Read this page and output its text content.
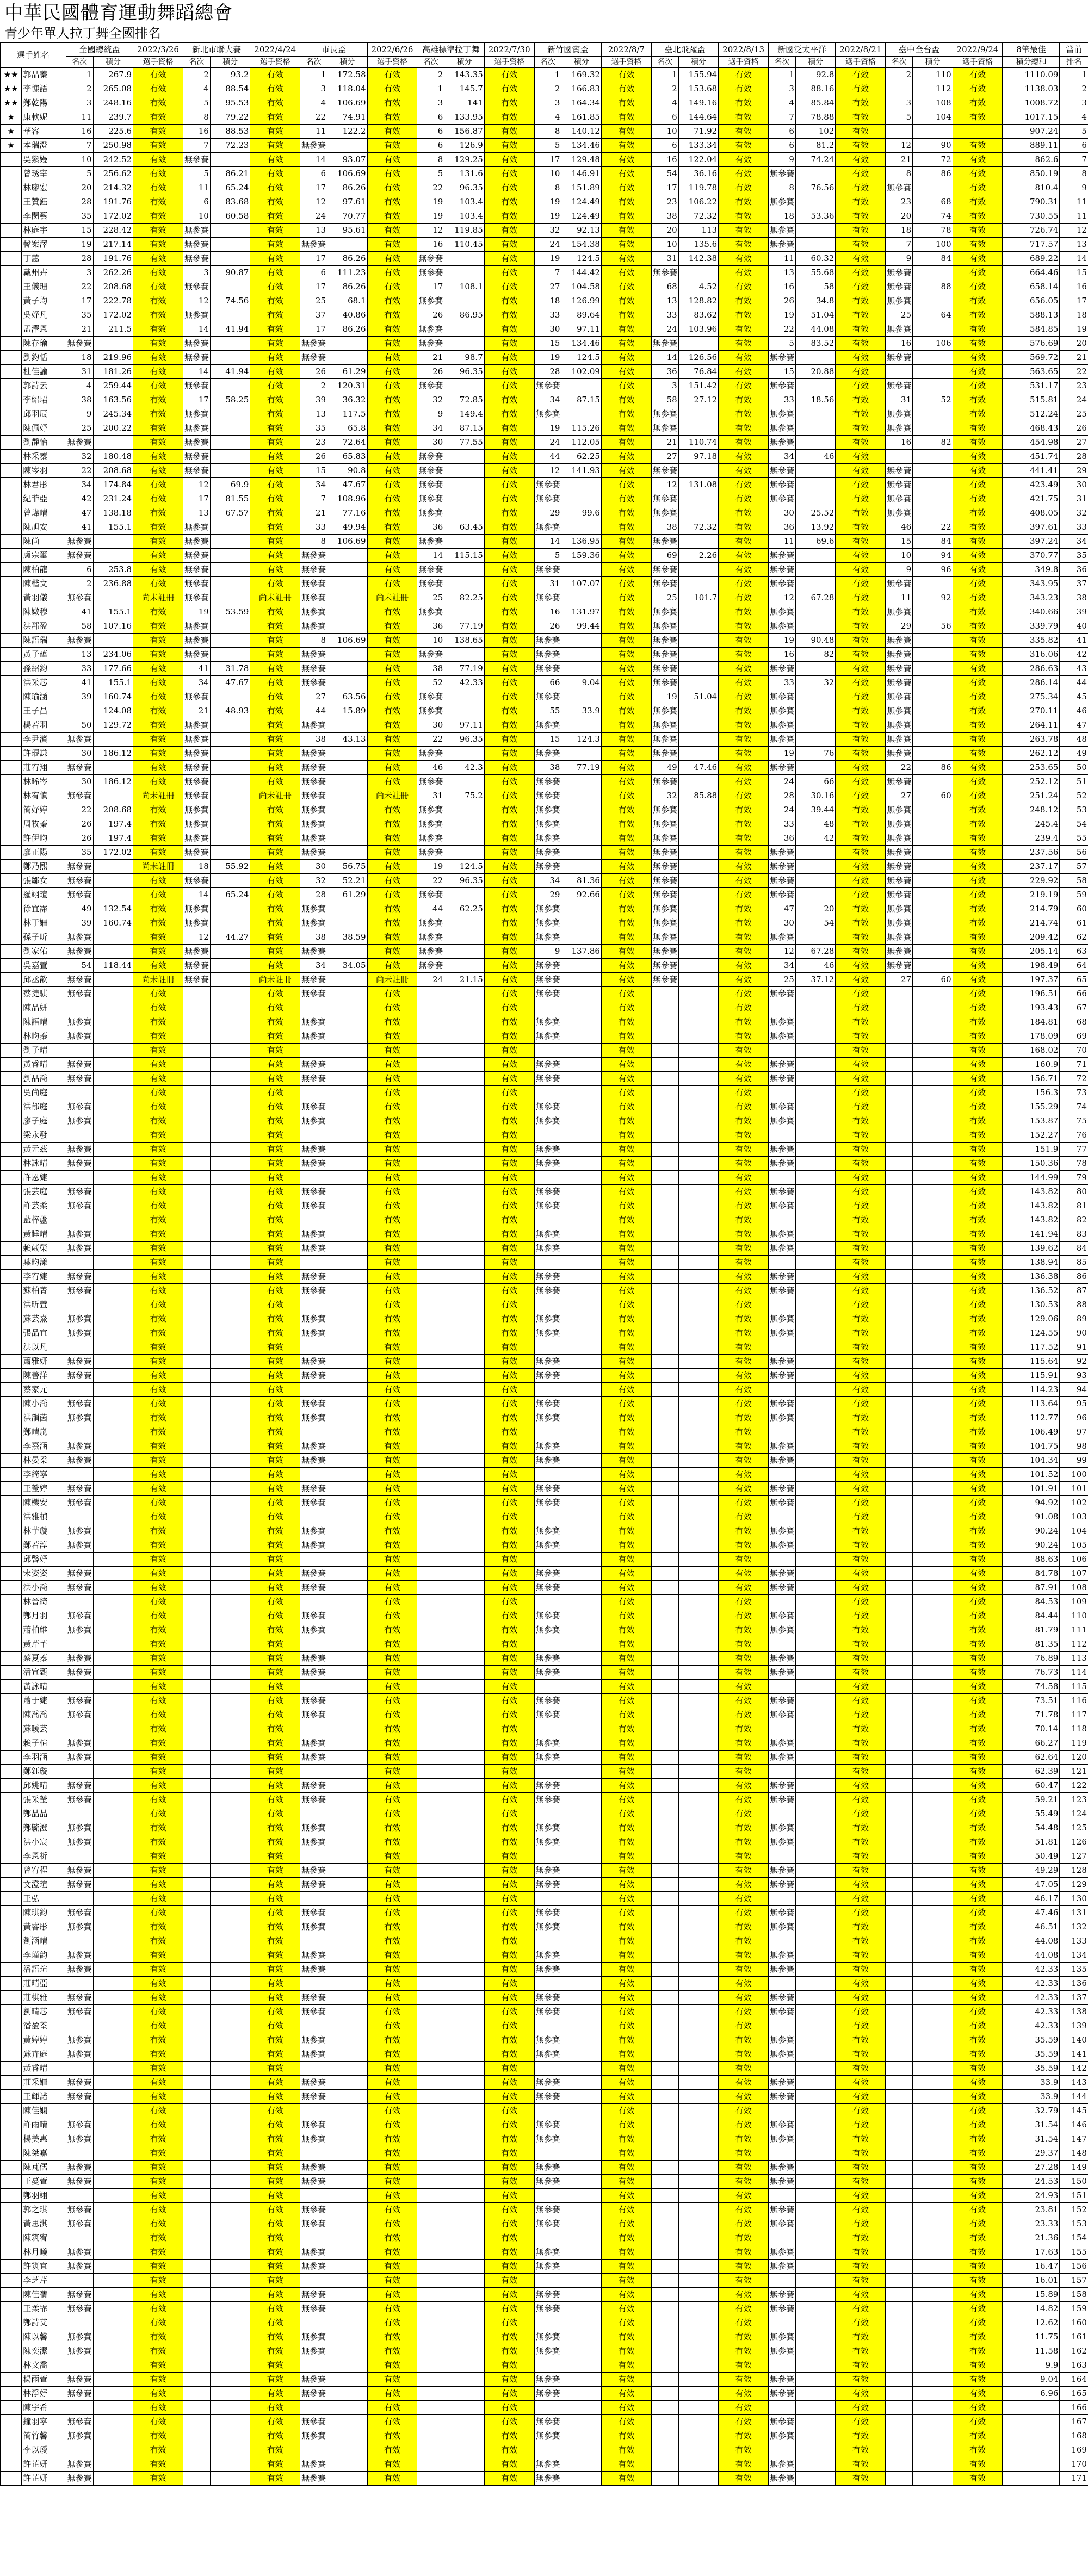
中華民國體育運動舞蹈總會
青少年單人拉丁舞全國排名
選手姓名		全國總統盃		2022/3/26	新北市聯大賽		2022/4/24	市長盃		2022/6/26	高雄標準拉丁舞		2022/7/30	新竹國賓盃		2022/8/7	臺北飛躍盃		2022/8/13	新國泛太平洋		2022/8/21	臺中全台盃		2022/9/24	8筆最佳	當前
		名次	積分	選手資格	名次	積分	選手資格	名次	積分	選手資格	名次	積分	選手資格	名次	積分	選手資格	名次	積分	選手資格	名次	積分	選手資格	名次	積分	選手資格	積分總和	排名
★★	郭品蓁	1	267.9	有效	2	93.2	有效	1	172.58	有效	2	143.35	有效	1	169.32	有效	1	155.94	有效	1	92.8	有效	2	110	有效	1110.09	1
★★	李慷語	2	265.08	有效	4	88.54	有效	3	118.04	有效	1	145.7	有效	2	166.83	有效	2	153.68	有效	3	88.16	有效		112	有效	1138.03	2
★★	鄭乾陽	3	248.16	有效	5	95.53	有效	4	106.69	有效	3	141	有效	3	164.34	有效	4	149.16	有效	4	85.84	有效	3	108	有效	1008.72	3
★	康軟妮	11	239.7	有效	8	79.22	有效	22	74.91	有效	6	133.95	有效	4	161.85	有效	6	144.64	有效	7	78.88	有效	5	104	有效	1017.15	4
★	華容	16	225.6	有效	16	88.53	有效	11	122.2	有效	6	156.87	有效	8	140.12	有效	10	71.92	有效	6	102	有效				907.24	5
★	本瑞澄	7	250.98	有效	7	72.23	有效	無參賽		有效	6	126.9	有效	5	134.46	有效	6	133.34	有效	6	81.2	有效	12	90	有效	889.11	6
	吳紫嫚	10	242.52	有效	無參賽		有效	14	93.07	有效	8	129.25	有效	17	129.48	有效	16	122.04	有效	9	74.24	有效	21	72	有效	862.6	7
	曾琇宰	5	256.62	有效	5	86.21	有效	6	106.69	有效	5	131.6	有效	10	146.91	有效	54	36.16	有效	無參賽		有效	8	86	有效	850.19	8
	林廖宏	20	214.32	有效	11	65.24	有效	17	86.26	有效	22	96.35	有效	8	151.89	有效	17	119.78	有效	8	76.56	有效	無參賽		有效	810.4	9
	王贊鈺	28	191.76	有效	6	83.68	有效	12	97.61	有效	19	103.4	有效	19	124.49	有效	23	106.22	有效	無參賽		有效	23	68	有效	790.31	11
	李閔藝	35	172.02	有效	10	60.58	有效	24	70.77	有效	19	103.4	有效	19	124.49	有效	38	72.32	有效	18	53.36	有效	20	74	有效	730.55	11
	林庭宇	15	228.42	有效	無參賽		有效	13	95.61	有效	12	119.85	有效	32	92.13	有效	20	113	有效	無參賽		有效	18	78	有效	726.74	12
	韓案澤	19	217.14	有效	無參賽		有效	無參賽		有效	16	110.45	有效	24	154.38	有效	10	135.6	有效	無參賽		有效	7	100	有效	717.57	13
	丁蕙	28	191.76	有效	無參賽		有效	17	86.26	有效	無參賽		有效	19	124.5	有效	31	142.38	有效	11	60.32	有效	9	84	有效	689.22	14
	戴州卉	3	262.26	有效	3	90.87	有效	6	111.23	有效	無參賽		有效	7	144.42	有效	無參賽		有效	13	55.68	有效	無參賽		有效	664.46	15
	王儀珊	22	208.68	有效	無參賽		有效	17	86.26	有效	17	108.1	有效	27	104.58	有效	68	4.52	有效	16	58	有效	無參賽	88	有效	658.14	16
	黃子均	17	222.78	有效	12	74.56	有效	25	68.1	有效	無參賽		有效	18	126.99	有效	13	128.82	有效	26	34.8	有效	無參賽		有效	656.05	17
	吳妤凡	35	172.02	有效	無參賽		有效	37	40.86	有效	26	86.95	有效	33	89.64	有效	33	83.62	有效	19	51.04	有效	25	64	有效	588.13	18
	孟澤恩	21	211.5	有效	14	41.94	有效	17	86.26	有效	無參賽		有效	30	97.11	有效	24	103.96	有效	22	44.08	有效	無參賽		有效	584.85	19
	陳存瑜	無參賽		有效	無參賽		有效	無參賽		有效	無參賽		有效	15	134.46	有效	無參賽		有效	5	83.52	有效	16	106	有效	576.69	20
	劉鈞恬	18	219.96	有效	無參賽		有效	無參賽		有效	21	98.7	有效	19	124.5	有效	14	126.56	有效	無參賽		有效	無參賽		有效	569.72	21
	杜佳諭	31	181.26	有效	14	41.94	有效	26	61.29	有效	26	96.35	有效	28	102.09	有效	36	76.84	有效	15	20.88	有效			有效	563.65	22
	郭詩云	4	259.44	有效	無參賽		有效	2	120.31	有效	無參賽		有效	無參賽		有效	3	151.42	有效	無參賽		有效	無參賽		有效	531.17	23
	李紹珺	38	163.56	有效	17	58.25	有效	39	36.32	有效	32	72.85	有效	34	87.15	有效	58	27.12	有效	33	18.56	有效	31	52	有效	515.81	24
	邱羽辰	9	245.34	有效	無參賽		有效	13	117.5	有效	9	149.4	有效	無參賽		有效	無參賽		有效	無參賽		有效	無參賽		有效	512.24	25
	陳佩妤	25	200.22	有效	無參賽		有效	35	65.8	有效	34	87.15	有效	19	115.26	有效	無參賽		有效	無參賽		有效	無參賽		有效	468.43	26
	劉靜怡	無參賽		有效	無參賽		有效	23	72.64	有效	30	77.55	有效	24	112.05	有效	21	110.74	有效	無參賽		有效	16	82	有效	454.98	27
	林采蓁	32	180.48	有效	無參賽		有效	26	65.83	有效	無參賽		有效	44	62.25	有效	27	97.18	有效	34	46	有效			有效	451.74	28
	陳岑羽	22	208.68	有效	無參賽		有效	15	90.8	有效	無參賽		有效	12	141.93	有效	無參賽		有效	無參賽		有效	無參賽		有效	441.41	29
	林君彤	34	174.84	有效	12	69.9	有效	34	47.67	有效	無參賽		有效	無參賽		有效	12	131.08	有效	無參賽		有效	無參賽		有效	423.49	30
	紀菲亞	42	231.24	有效	17	81.55	有效	7	108.96	有效	無參賽		有效	無參賽		有效	無參賽		有效	無參賽		有效	無參賽		有效	421.75	31
	曾瑋晴	47	138.18	有效	13	67.57	有效	21	77.16	有效	無參賽		有效	29	99.6	有效	無參賽		有效	30	25.52	有效	無參賽		有效	408.05	32
	陳旭安	41	155.1	有效	無參賽		有效	33	49.94	有效	36	63.45	有效	無參賽		有效	38	72.32	有效	36	13.92	有效	46	22	有效	397.61	33
	陳尚	無參賽		有效	無參賽		有效	8	106.69	有效	無參賽		有效	14	136.95	有效	無參賽		有效	11	69.6	有效	15	84	有效	397.24	34
	盧宗璽	無參賽		有效	無參賽		有效	無參賽		有效	14	115.15	有效	5	159.36	有效	69	2.26	有效	無參賽		有效	10	94	有效	370.77	35
	陳柏龍	6	253.8	有效	無參賽		有效	無參賽		有效	無參賽		有效	無參賽		有效	無參賽		有效	無參賽		有效	9	96	有效	349.8	36
	陳楷文	2	236.88	有效	無參賽		有效	無參賽		有效	無參賽		有效	31	107.07	有效	無參賽		有效	無參賽		有效	無參賽		有效	343.95	37
	黃羽儀	無參賽		尚未註冊	無參賽		尚未註冊	無參賽		尚未註冊	25	82.25	有效	無參賽		有效	25	101.7	有效	12	67.28	有效	11	92	有效	343.23	38
	陳媺穆	41	155.1	有效	19	53.59	有效	無參賽		有效	無參賽		有效	16	131.97	有效	無參賽		有效	無參賽		有效	無參賽		有效	340.66	39
	洪郡盈	58	107.16	有效	無參賽		有效	無參賽		有效	36	77.19	有效	26	99.44	有效	無參賽		有效	無參賽		有效	29	56	有效	339.79	40
	陳語瑞	無參賽		有效	無參賽		有效	8	106.69	有效	10	138.65	有效	無參賽		有效	無參賽		有效	19	90.48	有效	無參賽		有效	335.82	41
	黃子蘊	13	234.06	有效	無參賽		有效	無參賽		有效	無參賽		有效	無參賽		有效	無參賽		有效	16	82	有效	無參賽		有效	316.06	42
	孫紹鈞	33	177.66	有效	41	31.78	有效	無參賽		有效	38	77.19	有效	無參賽		有效	無參賽		有效	無參賽		有效	無參賽		有效	286.63	43
	洪采芯	41	155.1	有效	34	47.67	有效	無參賽		有效	52	42.33	有效	66	9.04	有效	無參賽		有效	33	32	有效	無參賽		有效	286.14	44
	陳瑜涵	39	160.74	有效	無參賽		有效	27	63.56	有效	無參賽		有效	無參賽		有效	19	51.04	有效	無參賽		有效	無參賽		有效	275.34	45
	王子昌		124.08	有效	21	48.93	有效	44	15.89	有效	無參賽		有效	55	33.9	有效	無參賽		有效	無參賽		有效	無參賽		有效	270.11	46
	楊若羽	50	129.72	有效	無參賽		有效	無參賽		有效	30	97.11	有效	無參賽		有效	無參賽		有效	無參賽		有效	無參賽		有效	264.11	47
	李尹濱	無參賽		有效	無參賽		有效	38	43.13	有效	22	96.35	有效	15	124.3	有效	無參賽		有效	無參賽		有效	無參賽		有效	263.78	48
	許琨謙	30	186.12	有效	無參賽		有效	無參賽		有效	無參賽		有效	無參賽		有效	無參賽		有效	19	76	有效	無參賽		有效	262.12	49
	莊宥翔	無參賽		有效	無參賽		有效	無參賽		有效	46	42.3	有效	38	77.19	有效	49	47.46	有效	無參賽		有效	22	86	有效	253.65	50
	林晞岑	30	186.12	有效	無參賽		有效	無參賽		有效	無參賽		有效	無參賽		有效	無參賽		有效	24	66	有效	無參賽		有效	252.12	51
	林宥慎	無參賽		尚未註冊	無參賽		尚未註冊	無參賽		尚未註冊	31	75.2	有效	無參賽		有效	32	85.88	有效	28	30.16	有效	27	60	有效	251.24	52
	簡妤婷	22	208.68	有效	無參賽		有效	無參賽		有效	無參賽		有效	無參賽		有效	無參賽		有效	24	39.44	有效	無參賽		有效	248.12	53
	周牧蓁	26	197.4	有效	無參賽		有效	無參賽		有效	無參賽		有效	無參賽		有效	無參賽		有效	33	48	有效	無參賽		有效	245.4	54
	許伊昀	26	197.4	有效	無參賽		有效	無參賽		有效	無參賽		有效	無參賽		有效	無參賽		有效	36	42	有效	無參賽		有效	239.4	55
	廖正陽	35	172.02	有效	無參賽		有效	無參賽		有效	無參賽		有效	無參賽		有效	無參賽		有效	無參賽		有效	無參賽		有效	237.56	56
	鄭乃熙	無參賽		尚未註冊	18	55.92	有效	30	56.75	有效	19	124.5	有效	無參賽		有效	無參賽		有效	無參賽		有效	無參賽		有效	237.17	57
	張鄒女	無參賽		有效	無參賽		有效	32	52.21	有效	22	96.35	有效	34	81.36	有效	無參賽		有效	無參賽		有效	無參賽		有效	229.92	58
	羅翊瑄	無參賽		有效	14	65.24	有效	28	61.29	有效	無參賽		有效	29	92.66	有效	無參賽		有效	無參賽		有效	無參賽		有效	219.19	59
	徐宜霈	49	132.54	有效	無參賽		有效	無參賽		有效	44	62.25	有效	無參賽		有效	無參賽		有效	47	20	有效	無參賽		有效	214.79	60
	林于姍	39	160.74	有效	無參賽		有效	無參賽		有效	無參賽		有效	無參賽		有效	無參賽		有效	30	54	有效	無參賽		有效	214.74	61
	孫子昕	無參賽		有效	12	44.27	有效	38	38.59	有效	無參賽		有效	無參賽		有效	無參賽		有效	無參賽		有效	無參賽		有效	209.42	62
	劉家佑	無參賽		有效	無參賽		有效	無參賽		有效	無參賽		有效	9	137.86	有效	無參賽		有效	12	67.28	有效	無參賽		有效	205.14	63
	吳嘉萱	54	118.44	有效	無參賽		有效	34	34.05	有效	無參賽		有效	無參賽		有效	無參賽		有效	34	46	有效	無參賽		有效	198.49	64
	邱丞歆	無參賽		尚未註冊	無參賽		尚未註冊	無參賽		尚未註冊	24	21.15	有效	無參賽		有效	無參賽		有效	25	37.12	有效	27	60	有效	197.37	65
	蔡捷騏	無參賽		有效			有效	無參賽		有效			有效	無參賽		有效			有效	無參賽		有效			有效	196.51	66
	陳品妍			有效			有效			有效			有效			有效			有效			有效			有效	193.43	67
	陳語晴	無參賽		有效			有效	無參賽		有效			有效	無參賽		有效			有效	無參賽		有效			有效	184.81	68
	林昀蓁	無參賽		有效			有效	無參賽		有效			有效	無參賽		有效			有效	無參賽		有效			有效	178.09	69
	劉子晴			有效			有效			有效			有效			有效			有效			有效			有效	168.02	70
	黃睿晴	無參賽		有效			有效	無參賽		有效			有效	無參賽		有效			有效	無參賽		有效			有效	160.9	71
	劉品喬	無參賽		有效			有效	無參賽		有效			有效	無參賽		有效			有效	無參賽		有效			有效	156.71	72
	吳尚庭			有效			有效			有效			有效			有效			有效			有效			有效	156.3	73
	洪郁庭	無參賽		有效			有效	無參賽		有效			有效	無參賽		有效			有效	無參賽		有效			有效	155.29	74
	廖子庭	無參賽		有效			有效	無參賽		有效			有效	無參賽		有效			有效	無參賽		有效			有效	153.87	75
	梁永發			有效			有效			有效			有效			有效			有效			有效			有效	152.27	76
	黃元茲	無參賽		有效			有效	無參賽		有效			有效	無參賽		有效			有效	無參賽		有效			有效	151.9	77
	林詠晴	無參賽		有效			有效	無參賽		有效			有效	無參賽		有效			有效	無參賽		有效			有效	150.36	78
	許恩婕			有效			有效			有效			有效			有效			有效			有效			有效	144.99	79
	張芸庭	無參賽		有效			有效	無參賽		有效			有效	無參賽		有效			有效	無參賽		有效			有效	143.82	80
	許芸柔	無參賽		有效			有效	無參賽		有效			有效	無參賽		有效			有效	無參賽		有效			有效	143.82	81
	藍梓蘆			有效			有效			有效			有效			有效			有效			有效			有效	143.82	82
	黃睡晴	無參賽		有效			有效	無參賽		有效			有效	無參賽		有效			有效	無參賽		有效			有效	141.94	83
	賴葳榮	無參賽		有效			有效	無參賽		有效			有效	無參賽		有效			有效	無參賽		有效			有效	139.62	84
	葉昀漾			有效			有效			有效			有效			有效			有效			有效			有效	138.94	85
	李宥婕	無參賽		有效			有效	無參賽		有效			有效	無參賽		有效			有效	無參賽		有效			有效	136.38	86
	蘇柏菁	無參賽		有效			有效	無參賽		有效			有效	無參賽		有效			有效	無參賽		有效			有效	136.52	87
	洪昕萱			有效			有效			有效			有效			有效			有效			有效			有效	130.53	88
	蘇芸熹	無參賽		有效			有效	無參賽		有效			有效	無參賽		有效			有效	無參賽		有效			有效	129.06	89
	張品宜	無參賽		有效			有效	無參賽		有效			有效	無參賽		有效			有效	無參賽		有效			有效	124.55	90
	洪以凡			有效			有效			有效			有效			有效			有效			有效			有效	117.52	91
	蕭雅妍	無參賽		有效			有效	無參賽		有效			有效	無參賽		有效			有效	無參賽		有效			有效	115.64	92
	陳善洋	無參賽		有效			有效	無參賽		有效			有效	無參賽		有效			有效	無參賽		有效			有效	115.91	93
	蔡家元			有效			有效			有效			有效			有效			有效			有效			有效	114.23	94
	陳小喬	無參賽		有效			有效	無參賽		有效			有效	無參賽		有效			有效	無參賽		有效			有效	113.64	95
	洪韻茵	無參賽		有效			有效	無參賽		有效			有效	無參賽		有效			有效	無參賽		有效			有效	112.77	96
	鄭晴嵐			有效			有效			有效			有效			有效			有效			有效			有效	106.49	97
	李熹涵	無參賽		有效			有效	無參賽		有效			有效	無參賽		有效			有效	無參賽		有效			有效	104.75	98
	林晏柔	無參賽		有效			有效	無參賽		有效			有效	無參賽		有效			有效	無參賽		有效			有效	104.34	99
	李綺寧			有效			有效			有效			有效			有效			有效			有效			有效	101.52	100
	王瑩婷	無參賽		有效			有效	無參賽		有效			有效	無參賽		有效			有效	無參賽		有效			有效	101.91	101
	陳櫟安	無參賽		有效			有效	無參賽		有效			有效	無參賽		有效			有效	無參賽		有效			有效	94.92	102
	洪雅楨			有效			有效			有效			有效			有效			有效			有效			有效	91.08	103
	林芋璇	無參賽		有效			有效	無參賽		有效			有效	無參賽		有效			有效	無參賽		有效			有效	90.24	104
	鄭若淳	無參賽		有效			有效	無參賽		有效			有效	無參賽		有效			有效	無參賽		有效			有效	90.24	105
	邱馨妤			有效			有效			有效			有效			有效			有效			有效			有效	88.63	106
	宋姿姿	無參賽		有效			有效	無參賽		有效			有效	無參賽		有效			有效	無參賽		有效			有效	84.78	107
	洪小喬	無參賽		有效			有效	無參賽		有效			有效	無參賽		有效			有效	無參賽		有效			有效	87.91	108
	林晉綺			有效			有效			有效			有效			有效			有效			有效			有效	84.53	109
	鄭月羽	無參賽		有效			有效	無參賽		有效			有效	無參賽		有效			有效	無參賽		有效			有效	84.44	110
	蕭柏維	無參賽		有效			有效	無參賽		有效			有效	無參賽		有效			有效	無參賽		有效			有效	81.79	111
	黃芹芊			有效			有效			有效			有效			有效			有效			有效			有效	81.35	112
	蔡夏蓁	無參賽		有效			有效	無參賽		有效			有效	無參賽		有效			有效	無參賽		有效			有效	76.89	113
	潘宣甄	無參賽		有效			有效	無參賽		有效			有效	無參賽		有效			有效	無參賽		有效			有效	76.73	114
	黃詠晴			有效			有效			有效			有效			有效			有效			有效			有效	74.58	115
	蕭于婕	無參賽		有效			有效	無參賽		有效			有效	無參賽		有效			有效	無參賽		有效			有效	73.51	116
	陳喬喬	無參賽		有效			有效	無參賽		有效			有效	無參賽		有效			有效	無參賽		有效			有效	71.78	117
	蘇暖芸			有效			有效			有效			有效			有效			有效			有效			有效	70.14	118
	賴子楦	無參賽		有效			有效	無參賽		有效			有效	無參賽		有效			有效	無參賽		有效			有效	66.27	119
	李羽涵	無參賽		有效			有效	無參賽		有效			有效	無參賽		有效			有效	無參賽		有效			有效	62.64	120
	鄭鈺璇			有效			有效			有效			有效			有效			有效			有效			有效	62.39	121
	邱姚晴	無參賽		有效			有效	無參賽		有效			有效	無參賽		有效			有效	無參賽		有效			有效	60.47	122
	張采瑩	無參賽		有效			有效	無參賽		有效			有效	無參賽		有效			有效	無參賽		有效			有效	59.21	123
	鄭晶晶			有效			有效			有效			有效			有效			有效			有效			有效	55.49	124
	鄭毓澄	無參賽		有效			有效	無參賽		有效			有效	無參賽		有效			有效	無參賽		有效			有效	54.48	125
	洪小宸	無參賽		有效			有效	無參賽		有效			有效	無參賽		有效			有效	無參賽		有效			有效	51.81	126
	李恩祈			有效			有效			有效			有效			有效			有效			有效			有效	50.49	127
	曾宥程	無參賽		有效			有效	無參賽		有效			有效	無參賽		有效			有效	無參賽		有效			有效	49.29	128
	文澄瑄	無參賽		有效			有效	無參賽		有效			有效	無參賽		有效			有效	無參賽		有效			有效	47.05	129
	王弘			有效			有效			有效			有效			有效			有效			有效			有效	46.17	130
	陳琪鈞	無參賽		有效			有效	無參賽		有效			有效	無參賽		有效			有效	無參賽		有效			有效	47.46	131
	黃睿彤	無參賽		有效			有效	無參賽		有效			有效	無參賽		有效			有效	無參賽		有效			有效	46.51	132
	劉涵晴			有效			有效			有效			有效			有效			有效			有效			有效	44.08	133
	李瑾韵	無參賽		有效			有效	無參賽		有效			有效	無參賽		有效			有效	無參賽		有效			有效	44.08	134
	潘語瑄	無參賽		有效			有效	無參賽		有效			有效	無參賽		有效			有效	無參賽		有效			有效	42.33	135
	莊晴亞			有效			有效			有效			有效			有效			有效			有效			有效	42.33	136
	莊棋雅	無參賽		有效			有效	無參賽		有效			有效	無參賽		有效			有效	無參賽		有效			有效	42.33	137
	劉晴芯	無參賽		有效			有效	無參賽		有效			有效	無參賽		有效			有效	無參賽		有效			有效	42.33	138
	潘盈荃			有效			有效			有效			有效			有效			有效			有效			有效	42.33	139
	黃婷婷	無參賽		有效			有效	無參賽		有效			有效	無參賽		有效			有效	無參賽		有效			有效	35.59	140
	蘇卉庭	無參賽		有效			有效	無參賽		有效			有效	無參賽		有效			有效	無參賽		有效			有效	35.59	141
	黃睿晴			有效			有效			有效			有效			有效			有效			有效			有效	35.59	142
	莊采姍	無參賽		有效			有效	無參賽		有效			有效	無參賽		有效			有效	無參賽		有效			有效	33.9	143
	王輝諾	無參賽		有效			有效	無參賽		有效			有效	無參賽		有效			有效	無參賽		有效			有效	33.9	144
	陳佳嫻			有效			有效			有效			有效			有效			有效			有效			有效	32.79	145
	許雨晴	無參賽		有效			有效	無參賽		有效			有效	無參賽		有效			有效	無參賽		有效			有效	31.54	146
	楊美惠	無參賽		有效			有效	無參賽		有效			有效	無參賽		有效			有效	無參賽		有效			有效	31.54	147
	陳桀嘉			有效			有效			有效			有效			有效			有效			有效			有效	29.37	148
	陳芃儒	無參賽		有效			有效	無參賽		有效			有效	無參賽		有效			有效	無參賽		有效			有效	27.28	149
	王蔓萱	無參賽		有效			有效	無參賽		有效			有效	無參賽		有效			有效	無參賽		有效			有效	24.53	150
	鄭羽翊			有效			有效			有效			有效			有效			有效			有效			有效	24.93	151
	郭之琪	無參賽		有效			有效	無參賽		有效			有效	無參賽		有效			有效	無參賽		有效			有效	23.81	152
	黃思淇	無參賽		有效			有效	無參賽		有效			有效	無參賽		有效			有效	無參賽		有效			有效	23.33	153
	陳筑宥			有效			有效			有效			有效			有效			有效			有效			有效	21.36	154
	林月曦	無參賽		有效			有效	無參賽		有效			有效	無參賽		有效			有效	無參賽		有效			有效	17.63	155
	許筑宜	無參賽		有效			有效	無參賽		有效			有效	無參賽		有效			有效	無參賽		有效			有效	16.47	156
	李芝芹			有效			有效			有效			有效			有效			有效			有效			有效	16.01	157
	陳佳蒨	無參賽		有效			有效	無參賽		有效			有效	無參賽		有效			有效	無參賽		有效			有效	15.89	158
	王柔霏	無參賽		有效			有效	無參賽		有效			有效	無參賽		有效			有效	無參賽		有效			有效	14.82	159
	鄭詩艾			有效			有效			有效			有效			有效			有效			有效			有效	12.62	160
	陳以馨	無參賽		有效			有效	無參賽		有效			有效	無參賽		有效			有效	無參賽		有效			有效	11.75	161
	陳奕潔	無參賽		有效			有效	無參賽		有效			有效	無參賽		有效			有效	無參賽		有效			有效	11.58	162
	林文喬			有效			有效			有效			有效			有效			有效			有效			有效	9.9	163
	楊雨萱	無參賽		有效			有效	無參賽		有效			有效	無參賽		有效			有效	無參賽		有效			有效	9.04	164
	林淨妤	無參賽		有效			有效	無參賽		有效			有效	無參賽		有效			有效	無參賽		有效			有效	6.96	165
	陳宇希			有效			有效			有效			有效			有效			有效			有效			有效		166
	鐘羽寧	無參賽		有效			有效	無參賽		有效			有效	無參賽		有效			有效	無參賽		有效			有效		167
	簡竹馨	無參賽		有效			有效	無參賽		有效			有效	無參賽		有效			有效	無參賽		有效			有效		168
	李以璦			有效			有效			有效			有效			有效			有效			有效			有效		169
	許芷妍	無參賽		有效			有效	無參賽		有效			有效	無參賽		有效			有效	無參賽		有效			有效		170
	許芷妍	無參賽		有效			有效	無參賽		有效			有效	無參賽		有效			有效	無參賽		有效			有效		171
